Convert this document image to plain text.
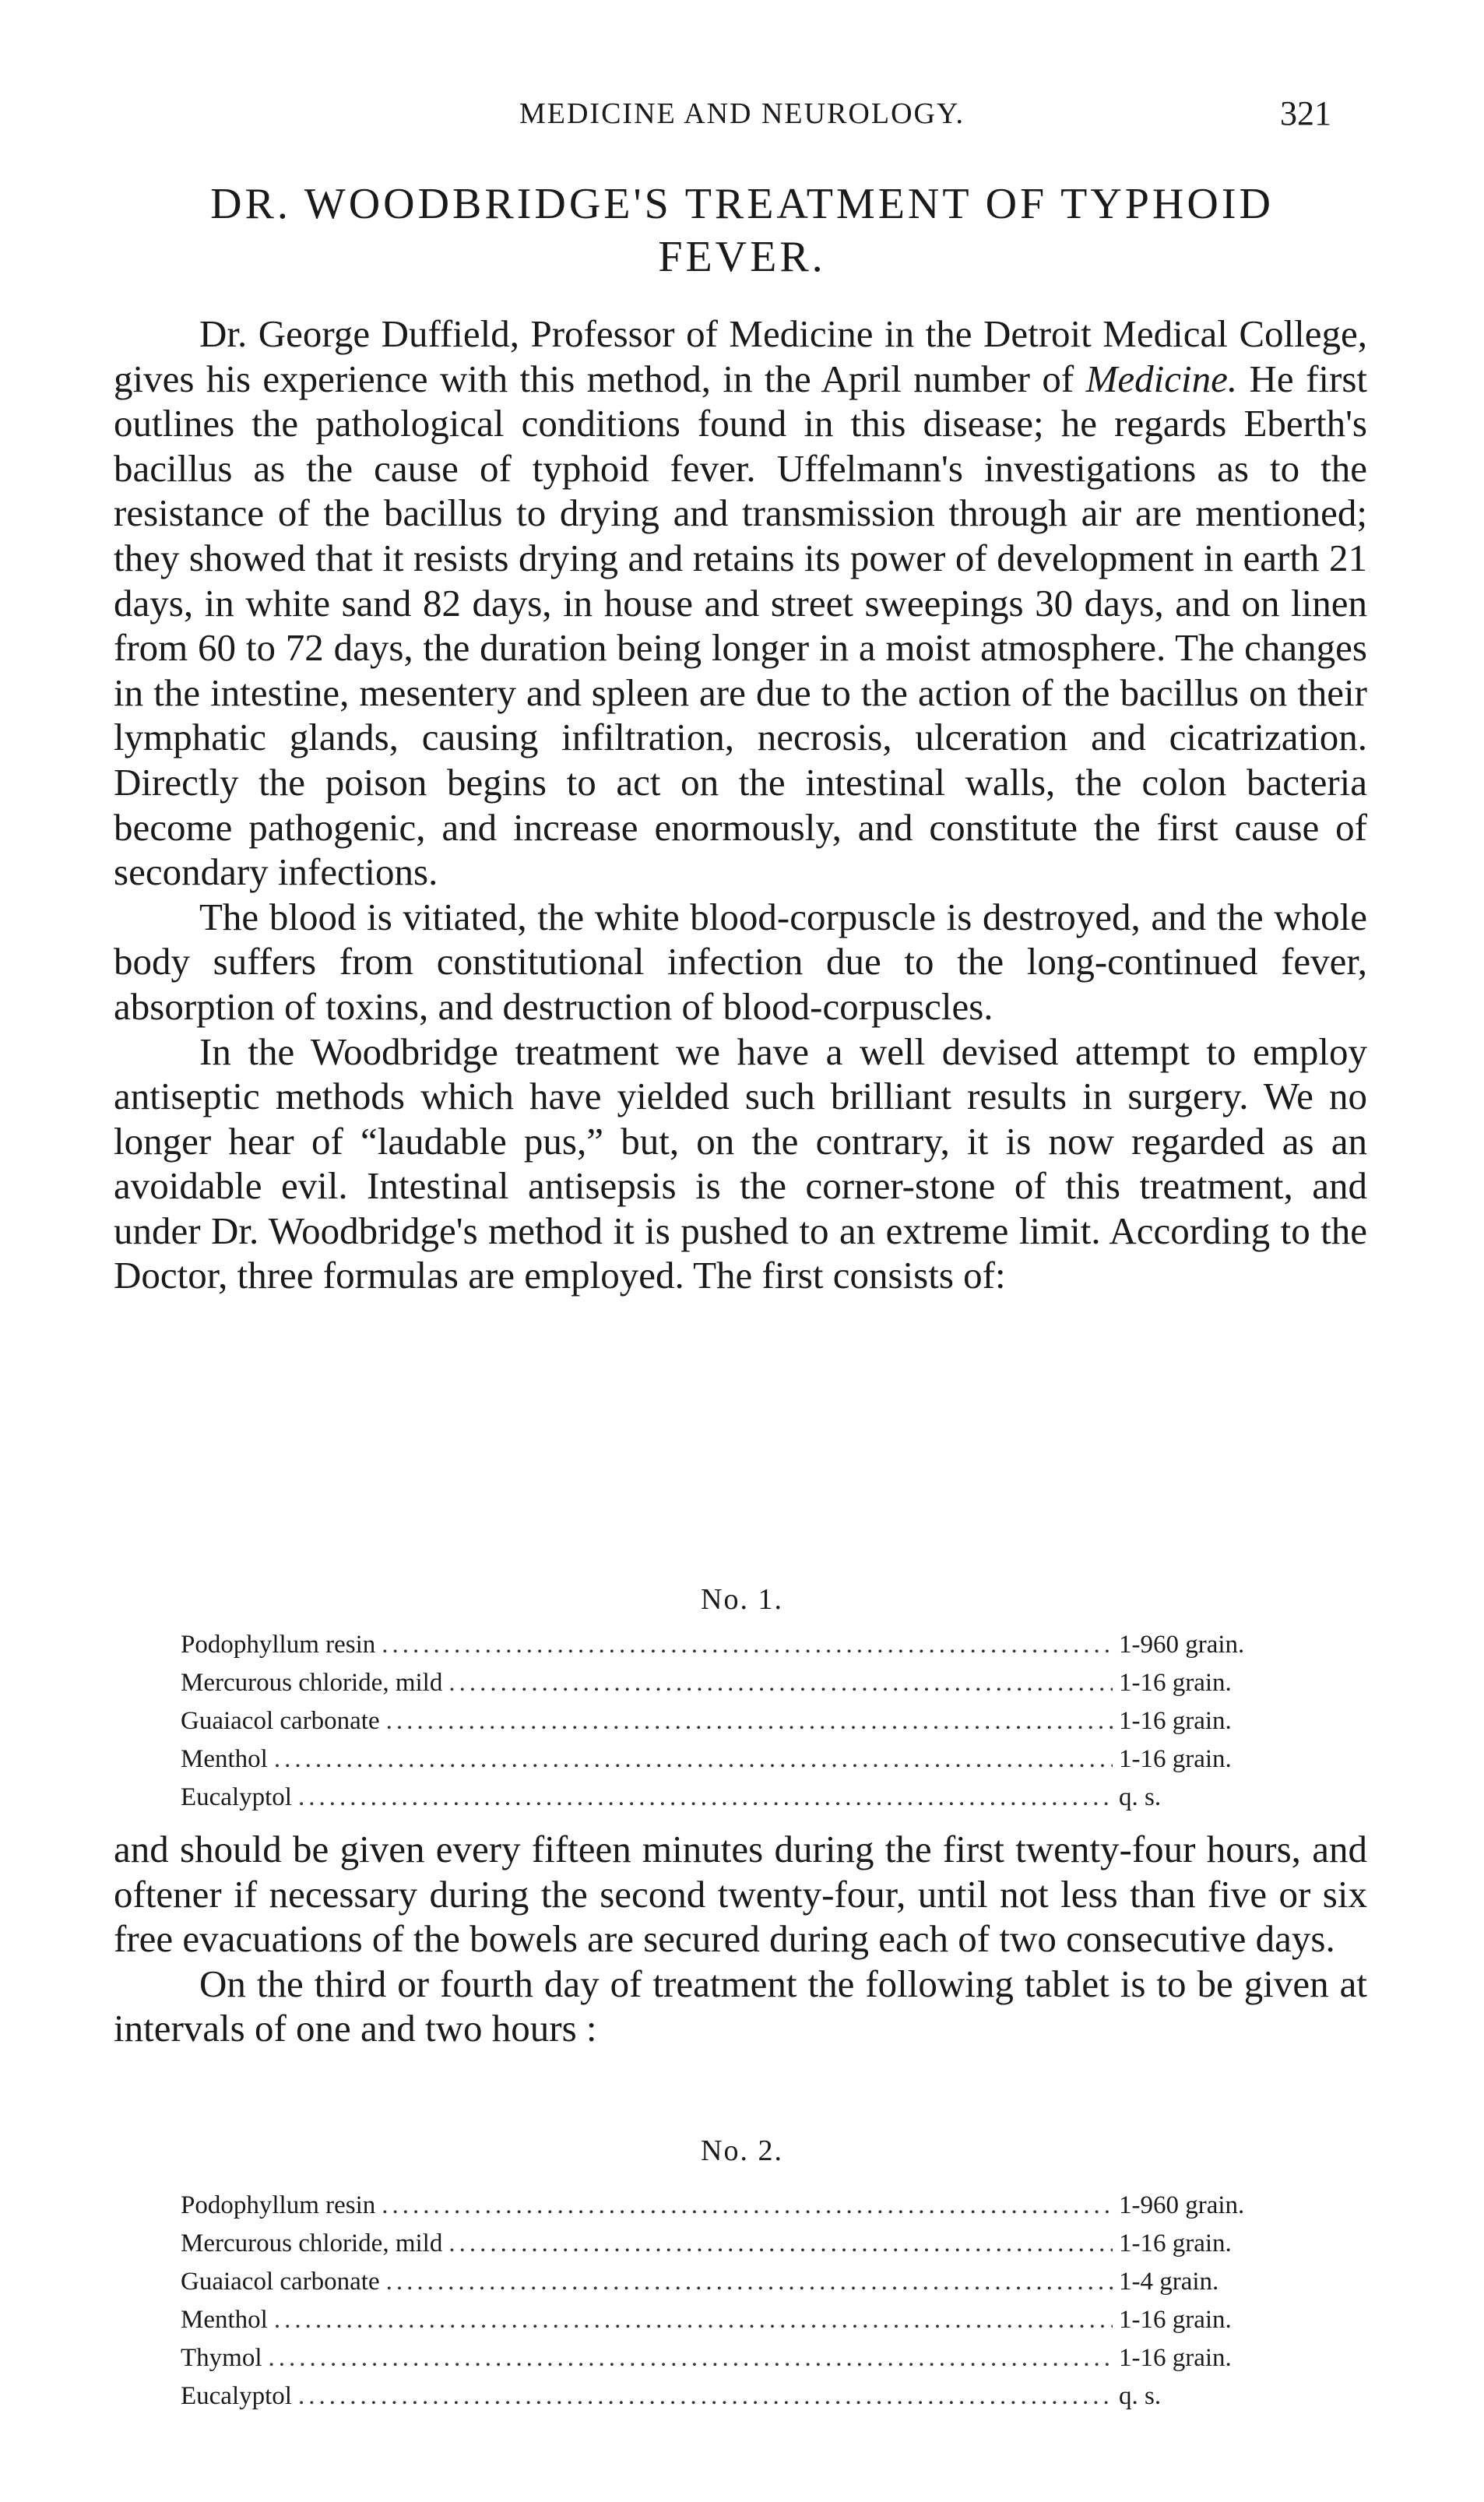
MEDICINE AND NEUROLOGY.	321
DR. WOODBRIDGE'S TREATMENT OF TYPHOID
FEVER.

Dr. George Duffield, Professor of Medicine in the Detroit Medical College, gives his experience with this method, in the April number of Medicine. He first outlines the pathological conditions found in this disease; he regards Eberth's bacillus as the cause of typhoid fever. Uffelmann's investigations as to the resistance of the bacillus to drying and transmission through air are mentioned; they showed that it resists drying and retains its power of development in earth 21 days, in white sand 82 days, in house and street sweepings 30 days, and on linen from 60 to 72 days, the duration being longer in a moist atmosphere. The changes in the intestine, mesentery and spleen are due to the action of the bacillus on their lymphatic glands, causing infiltration, necrosis, ulceration and cicatrization. Directly the poison begins to act on the intestinal walls, the colon bacteria become pathogenic, and increase enormously, and constitute the first cause of secondary infections.

The blood is vitiated, the white blood-corpuscle is destroyed, and the whole body suffers from constitutional infection due to the long-continued fever, absorption of toxins, and destruction of blood-corpuscles.

In the Woodbridge treatment we have a well devised attempt to employ antiseptic methods which have yielded such brilliant results in surgery. We no longer hear of “laudable pus,” but, on the contrary, it is now regarded as an avoidable evil. Intestinal antisepsis is the corner-stone of this treatment, and under Dr. Woodbridge's method it is pushed to an extreme limit. According to the Doctor, three formulas are employed. The first consists of:

No. 1.
Podophyllum resin .....	1-960 grain.
Mercurous chloride, mild .....	1-16 grain.
Guaiacol carbonate .....	1-16 grain.
Menthol .....	1-16 grain.
Eucalyptol .....	q. s.

and should be given every fifteen minutes during the first twenty-four hours, and oftener if necessary during the second twenty-four, until not less than five or six free evacuations of the bowels are secured during each of two consecutive days.

On the third or fourth day of treatment the following tablet is to be given at intervals of one and two hours :

No. 2.
Podophyllum resin .....	1-960 grain.
Mercurous chloride, mild .....	1-16 grain.
Guaiacol carbonate .....	1-4 grain.
Menthol .....	1-16 grain.
Thymol .....	1-16 grain.
Eucalyptol .....	q. s.
